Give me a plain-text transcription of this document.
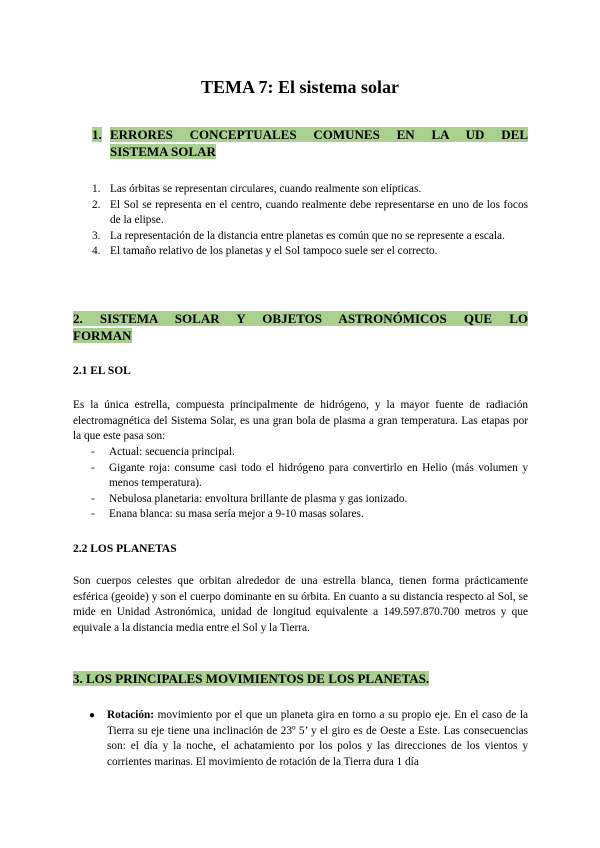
TEMA 7: El sistema solar
1. ERRORES CONCEPTUALES COMUNES EN LA UD DEL
SISTEMA SOLAR
1. Las órbitas se representan circulares, cuando realmente son elípticas.
2. El Sol se representa en el centro, cuando realmente debe representarse en uno de los focos de la elipse.
3. La representación de la distancia entre planetas es común que no se represente a escala.
4. El tamaño relativo de los planetas y el Sol tampoco suele ser el correcto.
2. SISTEMA SOLAR Y OBJETOS ASTRONÓMICOS QUE LO
FORMAN
2.1 EL SOL
Es la única estrella, compuesta principalmente de hidrógeno, y la mayor fuente de radiación electromagnética del Sistema Solar, es una gran bola de plasma a gran temperatura. Las etapas por la que este pasa son:
- Actual: secuencia principal.
- Gigante roja: consume casi todo el hidrógeno para convertirlo en Helio (más volumen y menos temperatura).
- Nebulosa planetaria: envoltura brillante de plasma y gas ionizado.
- Enana blanca: su masa sería mejor a 9-10 masas solares.
2.2 LOS PLANETAS
Son cuerpos celestes que orbitan alrededor de una estrella blanca, tienen forma prácticamente esférica (geoide) y son el cuerpo dominante en su órbita. En cuanto a su distancia respecto al Sol, se mide en Unidad Astronómica, unidad de longitud equivalente a 149.597.870.700 metros y que equivale a la distancia media entre el Sol y la Tierra.
3. LOS PRINCIPALES MOVIMIENTOS DE LOS PLANETAS.
● Rotación: movimiento por el que un planeta gira en torno a su propio eje. En el caso de la Tierra su eje tiene una inclinación de 23º 5’ y el giro es de Oeste a Este. Las consecuencias son: el día y la noche, el achatamiento por los polos y las direcciones de los vientos y corrientes marinas. El movimiento de rotación de la Tierra dura 1 día
